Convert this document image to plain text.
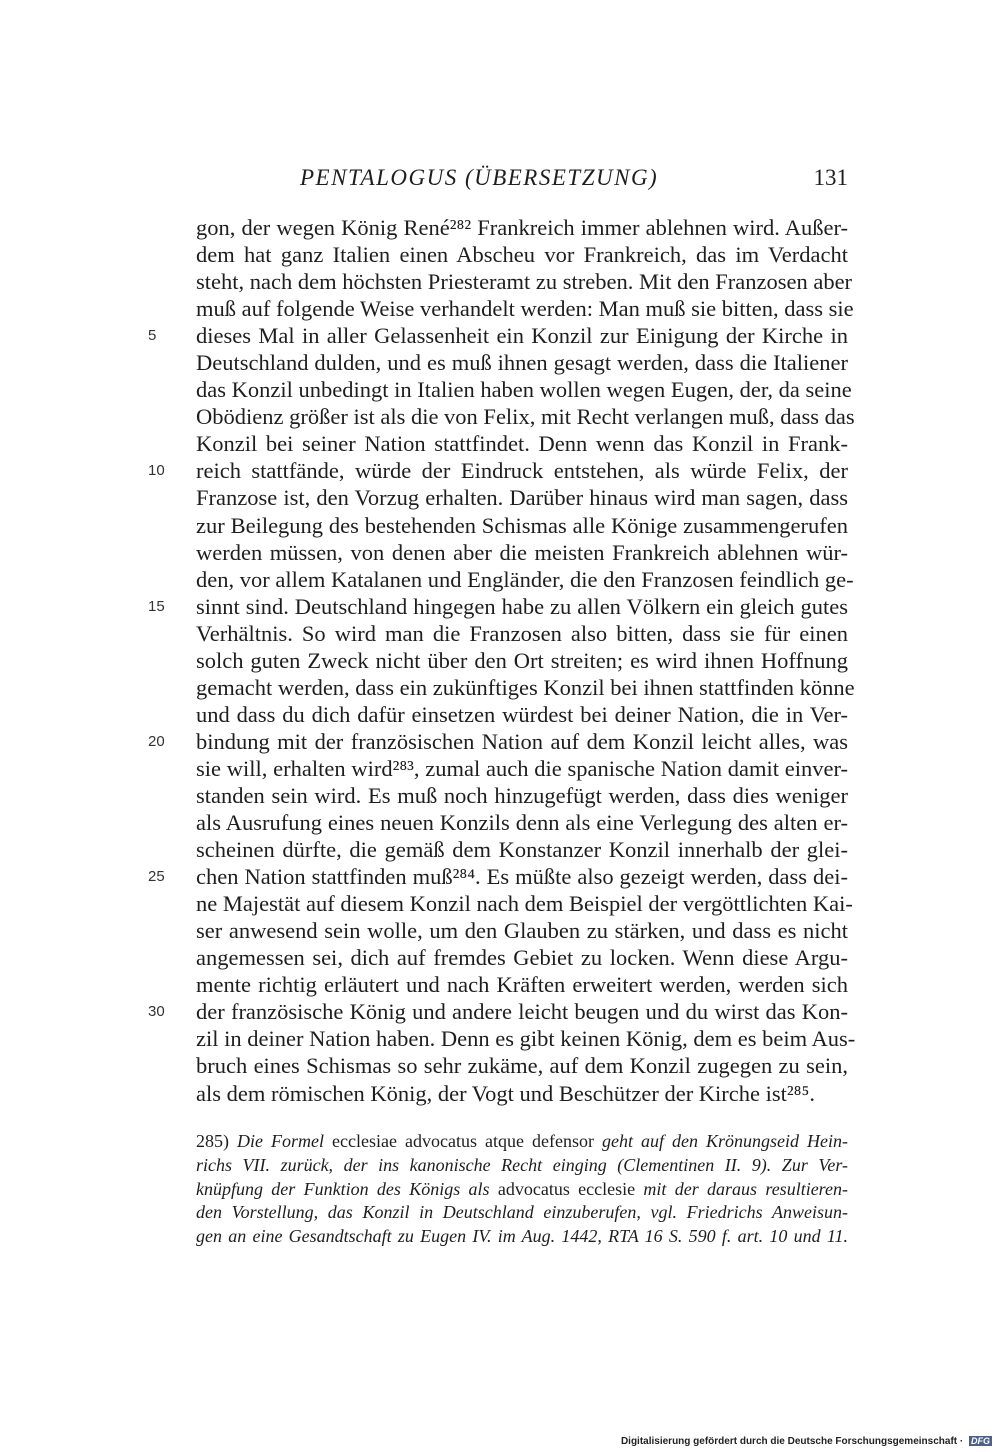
PENTALOGUS (ÜBERSETZUNG)	131
gon, der wegen König René²⁸² Frankreich immer ablehnen wird. Außer-
dem hat ganz Italien einen Abscheu vor Frankreich, das im Verdacht
steht, nach dem höchsten Priesteramt zu streben. Mit den Franzosen aber
muß auf folgende Weise verhandelt werden: Man muß sie bitten, dass sie
5 dieses Mal in aller Gelassenheit ein Konzil zur Einigung der Kirche in
Deutschland dulden, und es muß ihnen gesagt werden, dass die Italiener
das Konzil unbedingt in Italien haben wollen wegen Eugen, der, da seine
Obödienz größer ist als die von Felix, mit Recht verlangen muß, dass das
Konzil bei seiner Nation stattfindet. Denn wenn das Konzil in Frank-
10 reich stattfände, würde der Eindruck entstehen, als würde Felix, der
Franzose ist, den Vorzug erhalten. Darüber hinaus wird man sagen, dass
zur Beilegung des bestehenden Schismas alle Könige zusammengerufen
werden müssen, von denen aber die meisten Frankreich ablehnen wür-
den, vor allem Katalanen und Engländer, die den Franzosen feindlich ge-
15 sinnt sind. Deutschland hingegen habe zu allen Völkern ein gleich gutes
Verhältnis. So wird man die Franzosen also bitten, dass sie für einen
solch guten Zweck nicht über den Ort streiten; es wird ihnen Hoffnung
gemacht werden, dass ein zukünftiges Konzil bei ihnen stattfinden könne
und dass du dich dafür einsetzen würdest bei deiner Nation, die in Ver-
20 bindung mit der französischen Nation auf dem Konzil leicht alles, was
sie will, erhalten wird²⁸³, zumal auch die spanische Nation damit einver-
standen sein wird. Es muß noch hinzugefügt werden, dass dies weniger
als Ausrufung eines neuen Konzils denn als eine Verlegung des alten er-
scheinen dürfte, die gemäß dem Konstanzer Konzil innerhalb der glei-
25 chen Nation stattfinden muß²⁸⁴. Es müßte also gezeigt werden, dass dei-
ne Majestät auf diesem Konzil nach dem Beispiel der vergöttlichten Kai-
ser anwesend sein wolle, um den Glauben zu stärken, und dass es nicht
angemessen sei, dich auf fremdes Gebiet zu locken. Wenn diese Argu-
mente richtig erläutert und nach Kräften erweitert werden, werden sich
30 der französische König und andere leicht beugen und du wirst das Kon-
zil in deiner Nation haben. Denn es gibt keinen König, dem es beim Aus-
bruch eines Schismas so sehr zukäme, auf dem Konzil zugegen zu sein,
als dem römischen König, der Vogt und Beschützer der Kirche ist²⁸⁵.
285) Die Formel ecclesiae advocatus atque defensor geht auf den Krönungseid Hein-
richs VII. zurück, der ins kanonische Recht einging (Clementinen II. 9). Zur Ver-
knüpfung der Funktion des Königs als advocatus ecclesie mit der daraus resultieren-
den Vorstellung, das Konzil in Deutschland einzuberufen, vgl. Friedrichs Anweisun-
gen an eine Gesandtschaft zu Eugen IV. im Aug. 1442, RTA 16 S. 590 f. art. 10 und 11.
Digitalisierung gefördert durch die Deutsche Forschungsgemeinschaft · DFG
